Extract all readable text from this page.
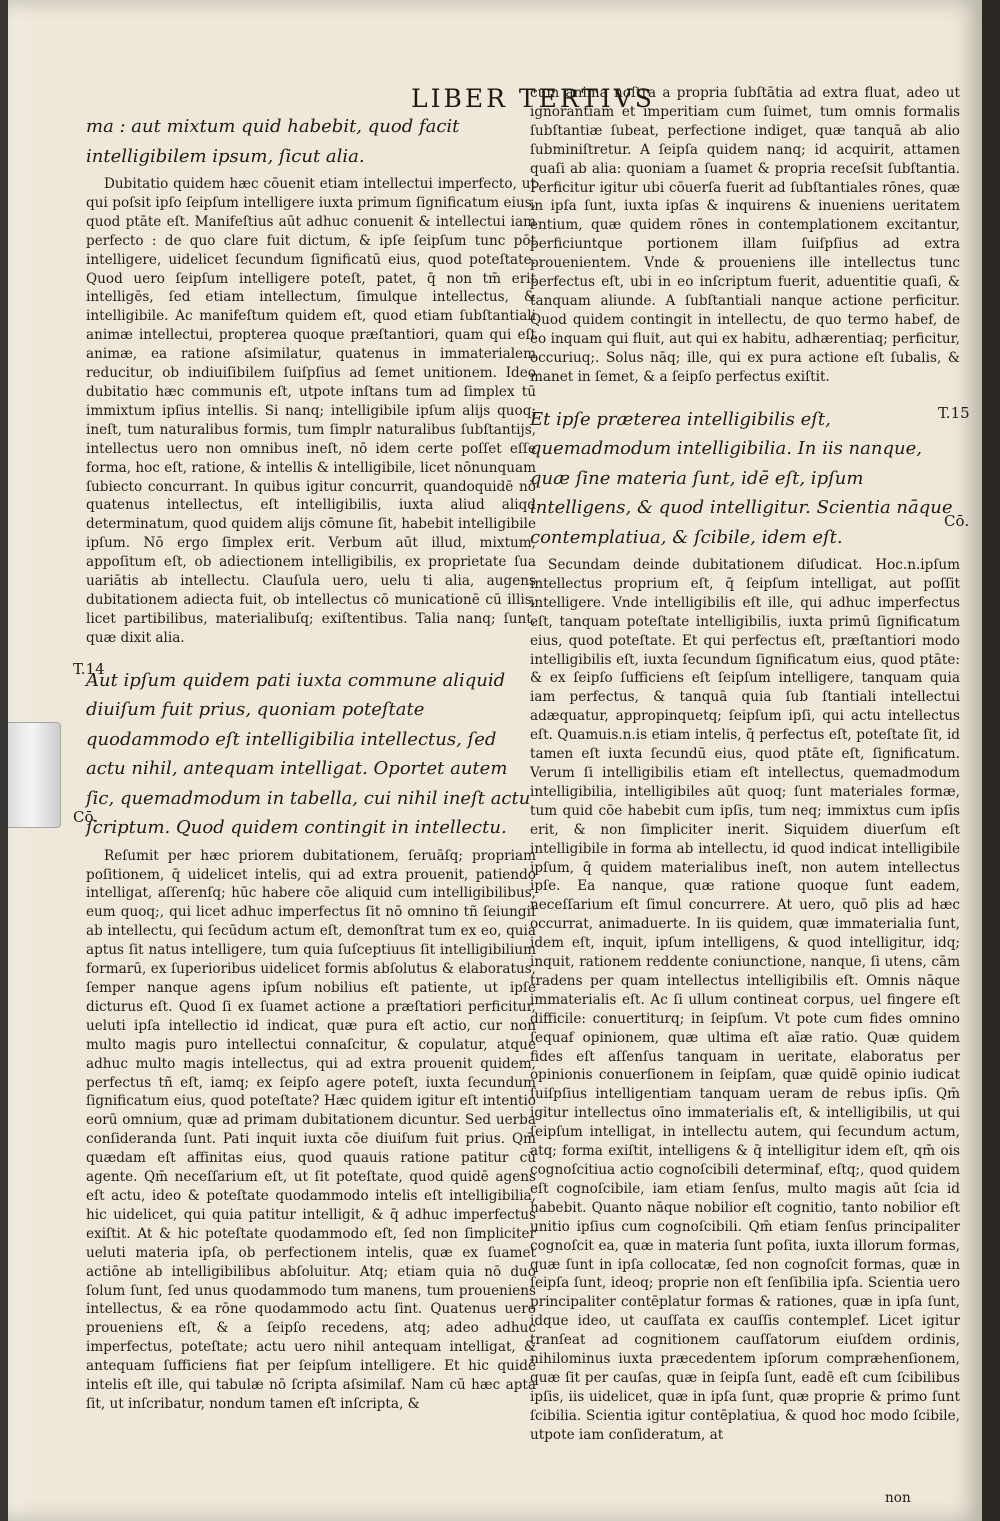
LIBER TERTIVS

ma : aut mixtum quid habebit, quod facit intelligibilem ipsum, ſicut alia.

Dubitatio quidem hæc cōuenit etiam intellectui imperfecto, ut qui poſsit ipſo ſeipſum intelligere iuxta primum ſignificatum eius, quod ptāte eſt. Manifeſtius aūt adhuc conuenit & intellectui iam perfecto : de quo clare fuit dictum, & ipſe ſeipſum tunc pōt intelligere, uidelicet ſecundum ſignificatū eius, quod poteſtate. Quod uero ſeipſum intelligere poteſt, patet, q̄ non tm̄ erit intelligēs, ſed etiam intellectum, ſimulque intellectus, & intelligibile. Ac manifeſtum quidem eſt, quod etiam ſubſtantiali animæ intellectui, propterea quoque præſtantiori, quam qui eſt animæ, ea ratione aſsimilatur, quatenus in immaterialem reducitur, ob indiuiſibilem ſuiſpſius ad ſemet unitionem. Ideo dubitatio hæc communis eſt, utpote inſtans tum ad ſimplex tū immixtum ipſius intellis. Si nanq; intelligibile ipſum alijs quoq; ineſt, tum naturalibus formis, tum ſimplr naturalibus ſubſtantijs, intellectus uero non omnibus ineſt, nō idem certe poſſet eſſe forma, hoc eſt, ratione, & intellis & intelligibile, licet nōnunquam ſubiecto concurrant. In quibus igitur concurrit, quandoquidē nō quatenus intellectus, eſt intelligibilis, iuxta aliud aliqd determinatum, quod quidem alijs cōmune ſit, habebit intelligibile ipſum. Nō ergo ſimplex erit. Verbum aūt illud, mixtum, appoſitum eſt, ob adiectionem intelligibilis, ex proprietate ſua uariātis ab intellectu. Clauſula uero, uelu ti alia, augens dubitationem adiecta fuit, ob intellectus cō municationē cū illis, licet partibilibus, materialibuſq; exiſtentibus. Talia nanq; ſunt, quæ dixit alia.

Aut ipſum quidem pati iuxta commune aliquid diuiſum fuit prius, quoniam poteſtate quodammodo eſt intelligibilia intellectus, ſed actu nihil, antequam intelligat. Oportet autem ſic, quemadmodum in tabella, cui nihil ineſt actu ſcriptum. Quod quidem contingit in intellectu.

Reſumit per hæc priorem dubitationem, ſeruāſq; propriam poſitionem, q̄ uidelicet intelis, qui ad extra prouenit, patiendo intelligat, aſſerenſq; hūc habere cōe aliquid cum intelligibilibus, eum quoq;, qui licet adhuc imperfectus ſit nō omnino tñ ſeiungif ab intellectu, qui ſecūdum actum eſt, demonſtrat tum ex eo, quia aptus ſit natus intelligere, tum quia ſuſceptiuus ſit intelligibilium formarū, ex ſuperioribus uidelicet formis abſolutus & elaboratus, ſemper nanque agens ipſum nobilius eſt patiente, ut ipſe dicturus eſt. Quod ſi ex ſuamet actione a præſtatiori perficitur, ueluti ipſa intellectio id indicat, quæ pura eſt actio, cur non multo magis puro intellectui connaſcitur, & copulatur, atque adhuc multo magis intellectus, qui ad extra prouenit quidem, perfectus tñ eſt, iamq; ex ſeipſo agere poteſt, iuxta ſecundum ſignificatum eius, quod poteſtate? Hæc quidem igitur eſt intentio eorū omnium, quæ ad primam dubitationem dicuntur. Sed uerba conſideranda ſunt. Pati inquit iuxta cōe diuiſum fuit prius. Qm̄ quædam eſt affinitas eius, quod quauis ratione patitur cū agente. Qm̄ neceſſarium eſt, ut ſit poteſtate, quod quidē agens eſt actu, ideo & poteſtate quodammodo intelis eſt intelligibilia, hic uidelicet, qui quia patitur intelligit, & q̄ adhuc imperfectus exiſtit. At & hic poteſtate quodammodo eſt, ſed non ſimpliciter ueluti materia ipſa, ob perfectionem intelis, quæ ex ſuamet actiōne ab intelligibilibus abſoluitur. Atq; etiam quia nō duo ſolum ſunt, ſed unus quodammodo tum manens, tum proueniens intellectus, & ea rōne quodammodo actu ſint. Quatenus uero proueniens eſt, & a ſeipſo recedens, atq; adeo adhuc imperfectus, poteſtate; actu uero nihil antequam intelligat, & antequam ſufficiens fiat per ſeipſum intelligere. Et hic quidē intelis eſt ille, qui tabulæ nō ſcripta aſsimilaf. Nam cū hæc apta ſit, ut inſcribatur, nondum tamen eſt inſcripta, &

cum anima noſtra a propria ſubſtātia ad extra fluat, adeo ut ignorantiam et imperitiam cum ſuimet, tum omnis formalis ſubſtantiæ ſubeat, perfectione indiget, quæ tanquā ab alio ſubminiſtretur. A ſeipſa quidem nanq; id acquirit, attamen quaſi ab alia: quoniam a ſuamet & propria receſsit ſubſtantia. Perficitur igitur ubi cōuerſa fuerit ad ſubſtantiales rōnes, quæ in ipſa ſunt, iuxta ipſas & inquirens & inueniens ueritatem entium, quæ quidem rōnes in contemplationem excitantur, perficiuntque portionem illam ſuiſpſius ad extra prouenientem. Vnde & proueniens ille intellectus tunc perfectus eſt, ubi in eo inſcriptum fuerit, aduentitie quaſi, & tanquam aliunde. A ſubſtantiali nanque actione perficitur. Quod quidem contingit in intellectu, de quo termo habef, de eo inquam qui fluit, aut qui ex habitu, adhærentiaq; perficitur, occuriuq;. Solus nāq; ille, qui ex pura actione eſt ſubalis, & manet in ſemet, & a ſeipſo perfectus exiſtit.

Et ipſe præterea intelligibilis eſt, quemadmodum intelligibilia. In iis nanque, quæ ſine materia ſunt, idē eſt, ipſum intelligens, & quod intelligitur. Scientia nāque contemplatiua, & ſcibile, idem eſt.

Secundam deinde dubitationem diſudicat. Hoc.n.ipſum intellectus proprium eſt, q̄ ſeipſum intelligat, aut poſſit intelligere. Vnde intelligibilis eſt ille, qui adhuc imperfectus eſt, tanquam poteſtate intelligibilis, iuxta primū ſignificatum eius, quod poteſtate. Et qui perfectus eſt, præſtantiori modo intelligibilis eſt, iuxta ſecundum ſignificatum eius, quod ptāte: & ex ſeipſo ſufficiens eſt ſeipſum intelligere, tanquam quia iam perfectus, & tanquā quia ſub ſtantiali intellectui adæquatur, appropinquetq; ſeipſum ipſi, qui actu intellectus eſt. Quamuis.n.is etiam intelis, q̄ perfectus eſt, poteſtate ſit, id tamen eſt iuxta ſecundū eius, quod ptāte eſt, ſignificatum. Verum ſi intelligibilis etiam eſt intellectus, quemadmodum intelligibilia, intelligibiles aūt quoq; ſunt materiales formæ, tum quid cōe habebit cum ipſis, tum neq; immixtus cum ipſis erit, & non ſimpliciter inerit. Siquidem diuerſum eſt intelligibile in forma ab intellectu, id quod indicat intelligibile ipſum, q̄ quidem materialibus ineſt, non autem intellectus ipſe. Ea nanque, quæ ratione quoque ſunt eadem, neceſſarium eſt ſimul concurrere. At uero, quō plis ad hæc occurrat, animaduerte. In iis quidem, quæ immaterialia ſunt, idem eſt, inquit, ipſum intelligens, & quod intelligitur, idq; inquit, rationem reddente coniunctione, nanque, ſi utens, cām tradens per quam intellectus intelligibilis eſt. Omnis nāque immaterialis eſt. Ac ſi ullum contineat corpus, uel fingere eſt difficile: conuertiturq; in ſeipſum. Vt pote cum fides omnino ſequaf opinionem, quæ ultima eſt aīæ ratio. Quæ quidem fides eſt aſſenſus tanquam in ueritate, elaboratus per opinionis conuerſionem in ſeipſam, quæ quidē opinio iudicat ſuiſpſius intelligentiam tanquam ueram de rebus ipſis. Qm̄ igitur intellectus oīno immaterialis eſt, & intelligibilis, ut qui ſeipſum intelligat, in intellectu autem, qui ſecundum actum, atq; forma exiſtit, intelligens & q̄ intelligitur idem eſt, qm̄ ois cognoſcitiua actio cognoſcibili determinaf, eſtq;, quod quidem eſt cognoſcibile, iam etiam ſenſus, multo magis aūt ſcia id habebit. Quanto nāque nobilior eſt cognitio, tanto nobilior eſt unitio ipſius cum cognoſcibili. Qm̄ etiam ſenſus principaliter cognoſcit ea, quæ in materia ſunt poſita, iuxta illorum formas, quæ ſunt in ipſa collocatæ, ſed non cognoſcit formas, quæ in ſeipſa ſunt, ideoq; proprie non eſt ſenſibilia ipſa. Scientia uero principaliter contēplatur formas & rationes, quæ in ipſa ſunt, idque ideo, ut cauſſata ex cauſſis contemplef. Licet igitur tranſeat ad cognitionem cauſſatorum eiuſdem ordinis, nihilominus iuxta præcedentem ipſorum compræhenſionem, quæ ſit per cauſas, quæ in ſeipſa ſunt, eadē eſt cum ſcibilibus ipſis, iis uidelicet, quæ in ipſa ſunt, quæ proprie & primo ſunt ſcibilia. Scientia igitur contēplatiua, & quod hoc modo ſcibile, utpote iam conſideratum, at

T.14
Cō.
T.15
Cō.
non
